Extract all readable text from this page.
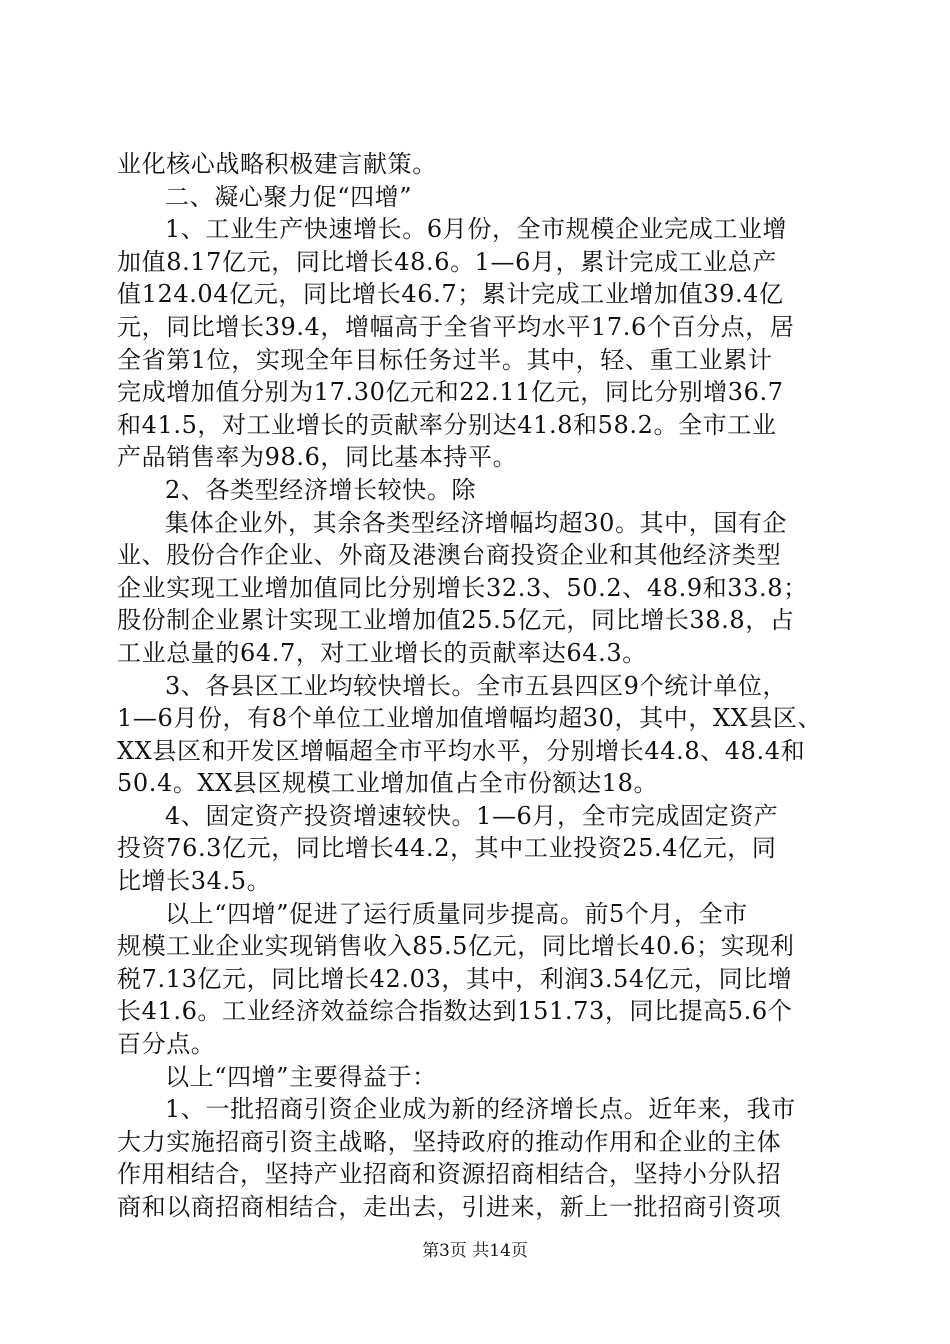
业化核心战略积极建言献策。
二、凝心聚力促“四增”
1、工业生产快速增长。6月份，全市规模企业完成工业增
加值8.17亿元，同比增长48.6。1—6月，累计完成工业总产
值124.04亿元，同比增长46.7；累计完成工业增加值39.4亿
元，同比增长39.4，增幅高于全省平均水平17.6个百分点，居
全省第1位，实现全年目标任务过半。其中，轻、重工业累计
完成增加值分别为17.30亿元和22.11亿元，同比分别增36.7
和41.5，对工业增长的贡献率分别达41.8和58.2。全市工业
产品销售率为98.6，同比基本持平。
2、各类型经济增长较快。除
集体企业外，其余各类型经济增幅均超30。其中，国有企
业、股份合作企业、外商及港澳台商投资企业和其他经济类型
企业实现工业增加值同比分别增长32.3、50.2、48.9和33.8；
股份制企业累计实现工业增加值25.5亿元，同比增长38.8，占
工业总量的64.7，对工业增长的贡献率达64.3。
3、各县区工业均较快增长。全市五县四区9个统计单位，
1—6月份，有8个单位工业增加值增幅均超30，其中，XX县区、
XX县区和开发区增幅超全市平均水平，分别增长44.8、48.4和
50.4。XX县区规模工业增加值占全市份额达18。
4、固定资产投资增速较快。1—6月，全市完成固定资产
投资76.3亿元，同比增长44.2，其中工业投资25.4亿元，同
比增长34.5。
以上“四增”促进了运行质量同步提高。前5个月，全市
规模工业企业实现销售收入85.5亿元，同比增长40.6；实现利
税7.13亿元，同比增长42.03，其中，利润3.54亿元，同比增
长41.6。工业经济效益综合指数达到151.73，同比提高5.6个
百分点。
以上“四增”主要得益于：
1、一批招商引资企业成为新的经济增长点。近年来，我市
大力实施招商引资主战略，坚持政府的推动作用和企业的主体
作用相结合，坚持产业招商和资源招商相结合，坚持小分队招
商和以商招商相结合，走出去，引进来，新上一批招商引资项
第3页 共14页
